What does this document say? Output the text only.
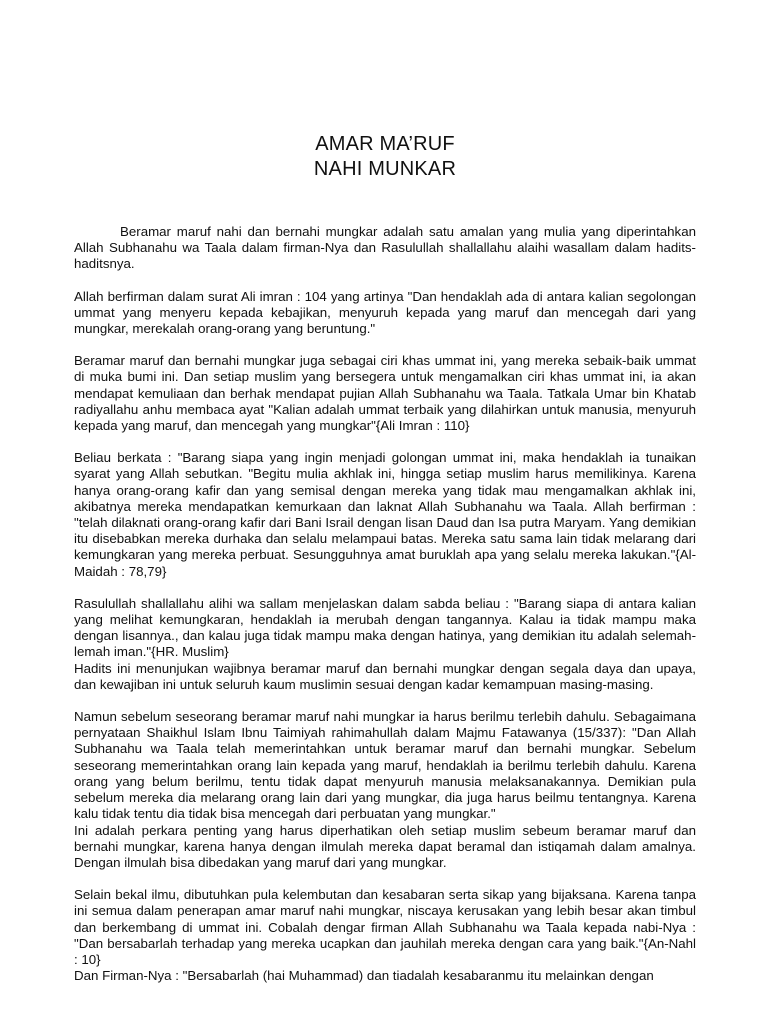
AMAR MA’RUF
NAHI MUNKAR

Beramar maruf nahi dan bernahi mungkar adalah satu amalan yang mulia yang diperintahkan Allah Subhanahu wa Taala dalam firman-Nya dan Rasulullah shallallahu alaihi wasallam dalam hadits-haditsnya.

Allah berfirman dalam surat Ali imran : 104 yang artinya "Dan hendaklah ada di antara kalian segolongan ummat yang menyeru kepada kebajikan, menyuruh kepada yang maruf dan mencegah dari yang mungkar, merekalah orang-orang yang beruntung."

Beramar maruf dan bernahi mungkar juga sebagai ciri khas ummat ini, yang mereka sebaik-baik ummat di muka bumi ini. Dan setiap muslim yang bersegera untuk mengamalkan ciri khas ummat ini, ia akan mendapat kemuliaan dan berhak mendapat pujian Allah Subhanahu wa Taala. Tatkala Umar bin Khatab radiyallahu anhu membaca ayat "Kalian adalah ummat terbaik yang dilahirkan untuk manusia, menyuruh kepada yang maruf, dan mencegah yang mungkar"{Ali Imran : 110}

Beliau berkata : "Barang siapa yang ingin menjadi golongan ummat ini, maka hendaklah ia tunaikan syarat yang Allah sebutkan. "Begitu mulia akhlak ini, hingga setiap muslim harus memilikinya. Karena hanya orang-orang kafir dan yang semisal dengan mereka yang tidak mau mengamalkan akhlak ini, akibatnya mereka mendapatkan kemurkaan dan laknat Allah Subhanahu wa Taala. Allah berfirman : "telah dilaknati orang-orang kafir dari Bani Israil dengan lisan Daud dan Isa putra Maryam. Yang demikian itu disebabkan mereka durhaka dan selalu melampaui batas. Mereka satu sama lain tidak melarang dari kemungkaran yang mereka perbuat. Sesungguhnya amat buruklah apa yang selalu mereka lakukan."{Al-Maidah : 78,79}

Rasulullah shallallahu alihi wa sallam menjelaskan dalam sabda beliau : "Barang siapa di antara kalian yang melihat kemungkaran, hendaklah ia merubah dengan tangannya. Kalau ia tidak mampu maka dengan lisannya., dan kalau juga tidak mampu maka dengan hatinya, yang demikian itu adalah selemah-lemah iman."{HR. Muslim}

Hadits ini menunjukan wajibnya beramar maruf dan bernahi mungkar dengan segala daya dan upaya, dan kewajiban ini untuk seluruh kaum muslimin sesuai dengan kadar kemampuan masing-masing.

Namun sebelum seseorang beramar maruf nahi mungkar ia harus berilmu terlebih dahulu. Sebagaimana pernyataan Shaikhul Islam Ibnu Taimiyah rahimahullah dalam Majmu Fatawanya (15/337): "Dan Allah Subhanahu wa Taala telah memerintahkan untuk beramar maruf dan bernahi mungkar. Sebelum seseorang memerintahkan orang lain kepada yang maruf, hendaklah ia berilmu terlebih dahulu. Karena orang yang belum berilmu, tentu tidak dapat menyuruh manusia melaksanakannya. Demikian pula sebelum mereka dia melarang orang lain dari yang mungkar, dia juga harus beilmu tentangnya. Karena kalu tidak tentu dia tidak bisa mencegah dari perbuatan yang mungkar."

Ini adalah perkara penting yang harus diperhatikan oleh setiap muslim sebeum beramar maruf dan bernahi mungkar, karena hanya dengan ilmulah mereka dapat beramal dan istiqamah dalam amalnya. Dengan ilmulah bisa dibedakan yang maruf dari yang mungkar.

Selain bekal ilmu, dibutuhkan pula kelembutan dan kesabaran serta sikap yang bijaksana. Karena tanpa ini semua dalam penerapan amar maruf nahi mungkar, niscaya kerusakan yang lebih besar akan timbul dan berkembang di ummat ini. Cobalah dengar firman Allah Subhanahu wa Taala kepada nabi-Nya : "Dan bersabarlah terhadap yang mereka ucapkan dan jauhilah mereka dengan cara yang baik."{An-Nahl : 10}

Dan Firman-Nya : "Bersabarlah (hai Muhammad) dan tiadalah kesabaranmu itu melainkan dengan
